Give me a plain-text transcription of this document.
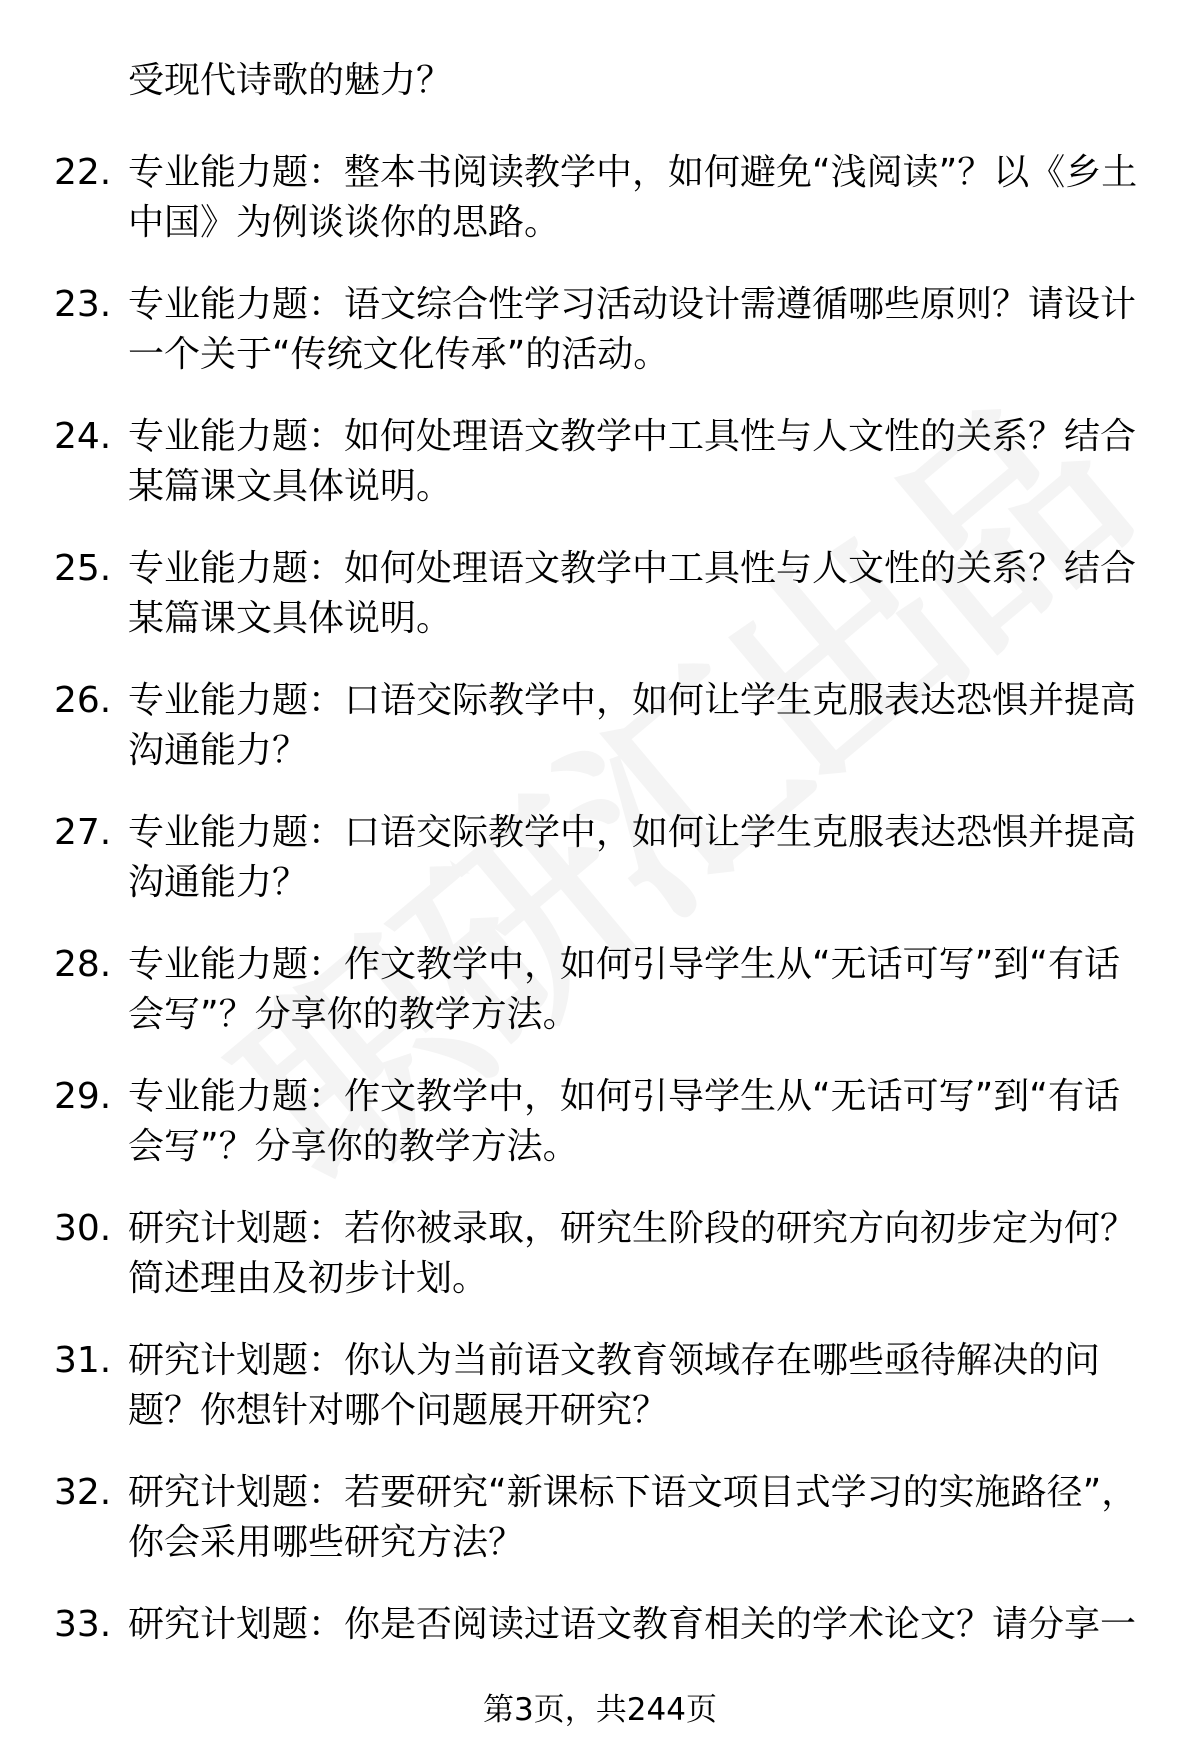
受现代诗歌的魅力？
22. 专业能力题：整本书阅读教学中，如何避免“浅阅读”？以《乡土中国》为例谈谈你的思路。
23. 专业能力题：语文综合性学习活动设计需遵循哪些原则？请设计一个关于“传统文化传承”的活动。
24. 专业能力题：如何处理语文教学中工具性与人文性的关系？结合某篇课文具体说明。
25. 专业能力题：如何处理语文教学中工具性与人文性的关系？结合某篇课文具体说明。
26. 专业能力题：口语交际教学中，如何让学生克服表达恐惧并提高沟通能力？
27. 专业能力题：口语交际教学中，如何让学生克服表达恐惧并提高沟通能力？
28. 专业能力题：作文教学中，如何引导学生从“无话可写”到“有话会写”？分享你的教学方法。
29. 专业能力题：作文教学中，如何引导学生从“无话可写”到“有话会写”？分享你的教学方法。
30. 研究计划题：若你被录取，研究生阶段的研究方向初步定为何？简述理由及初步计划。
31. 研究计划题：你认为当前语文教育领域存在哪些亟待解决的问题？你想针对哪个问题展开研究？
32. 研究计划题：若要研究“新课标下语文项目式学习的实施路径”，你会采用哪些研究方法？
33. 研究计划题：你是否阅读过语文教育相关的学术论文？请分享一
第3页，共244页
